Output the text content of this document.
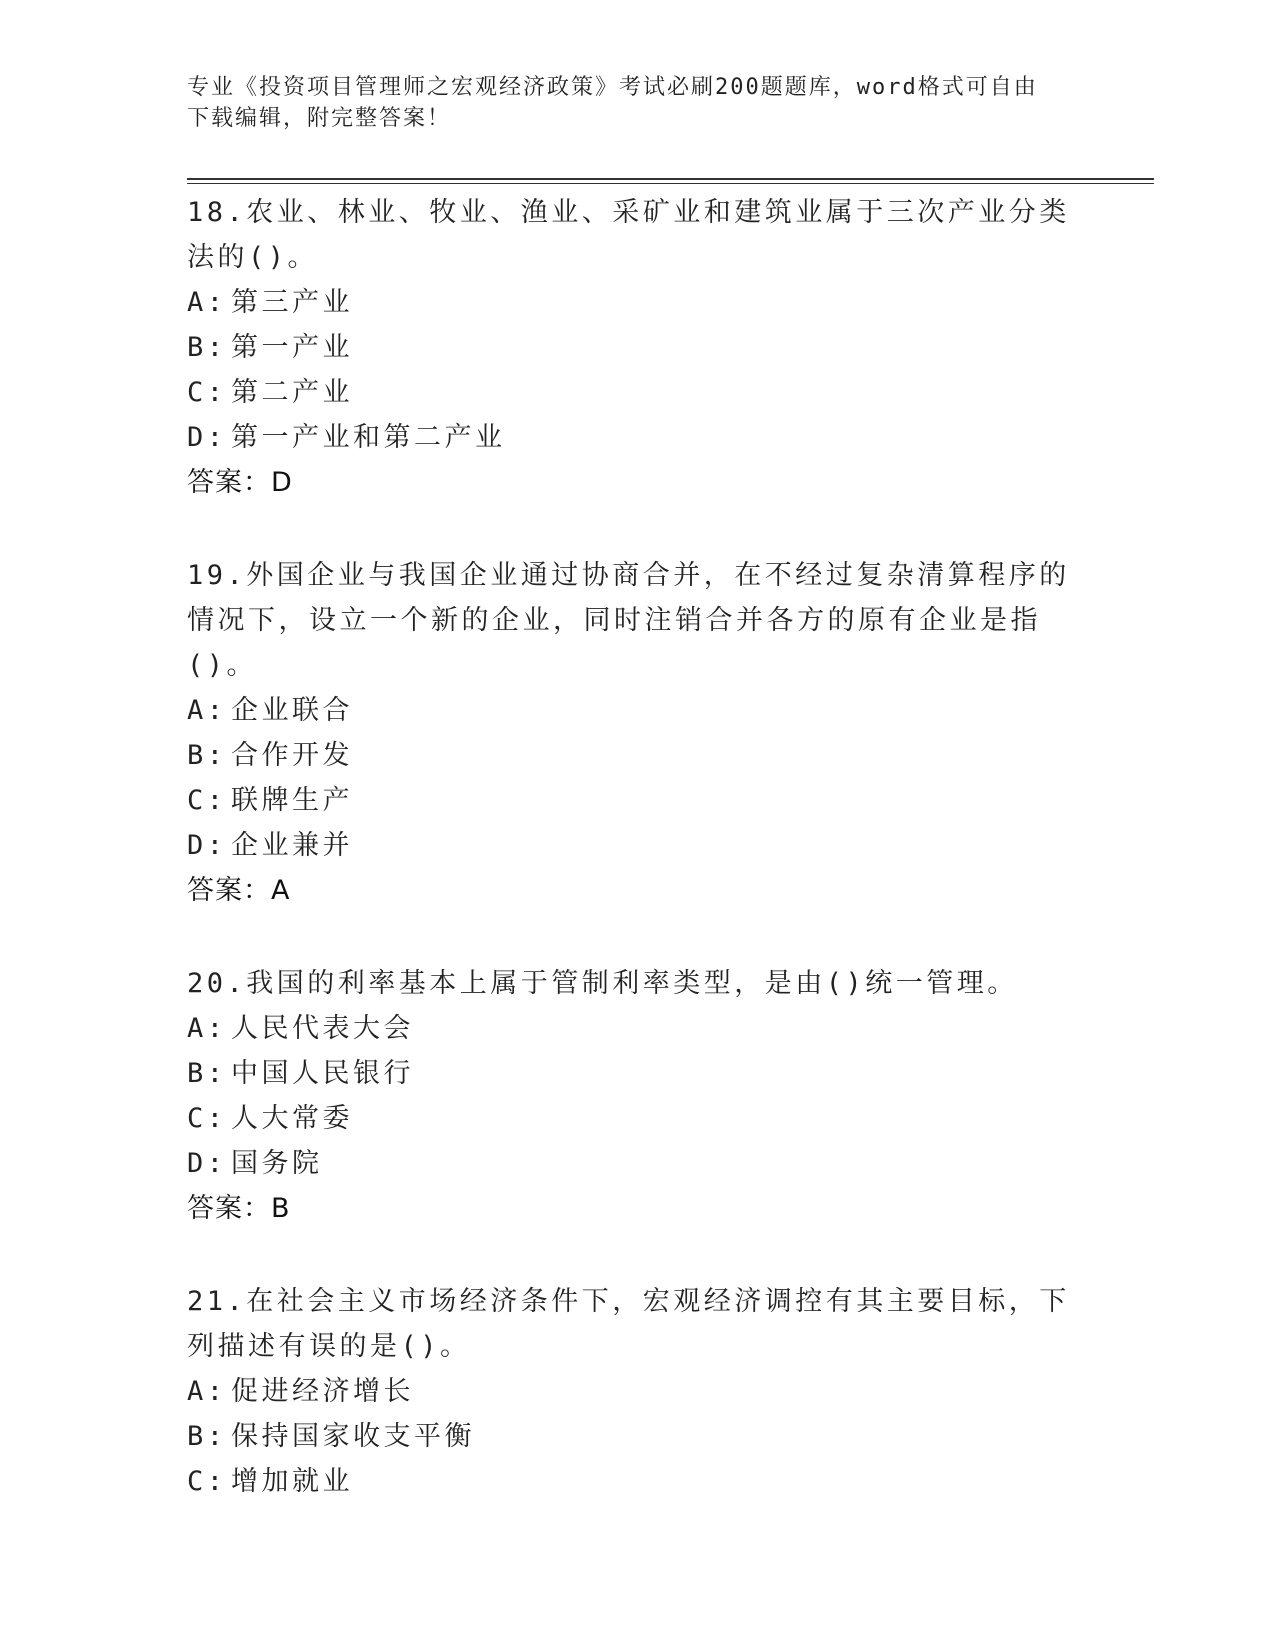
专业《投资项目管理师之宏观经济政策》考试必刷200题题库，word格式可自由
下载编辑，附完整答案！
18.农业、林业、牧业、渔业、采矿业和建筑业属于三次产业分类法的()。
A: 第三产业
B: 第一产业
C: 第二产业
D: 第一产业和第二产业
答案：D
19.外国企业与我国企业通过协商合并，在不经过复杂清算程序的情况下，设立一个新的企业，同时注销合并各方的原有企业是指()。
A: 企业联合
B: 合作开发
C: 联牌生产
D: 企业兼并
答案：A
20.我国的利率基本上属于管制利率类型，是由()统一管理。
A: 人民代表大会
B: 中国人民银行
C: 人大常委
D: 国务院
答案：B
21.在社会主义市场经济条件下，宏观经济调控有其主要目标，下列描述有误的是()。
A: 促进经济增长
B: 保持国家收支平衡
C: 增加就业
